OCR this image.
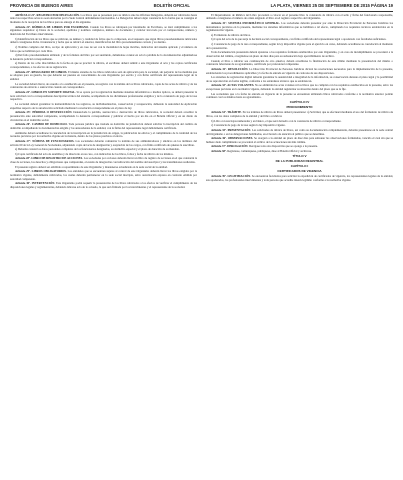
PROVINCIA DE BUENOS AIRES	BOLETÍN OFICIAL	LA PLATA, VIERNES 25 DE SEPTIEMBRE DE 2015 PÁGINA 19

ARTÍCULO 21º. REGISTRO POR DELEGACIÓN. Los libros que se presenten para su rúbrica ante las Oficinas Delegadas, deberán ser rubricados hasta tanto las respectivas actas no sean devueltas por la Sede Central debidamente intervenidas. La Delegación deberá dejar constancia de la forma que se consigna al momento de la recepción de los libros para su entrega al día siguiente.

Artículo 22º. RÚBRICA DE LIBROS POR ESCRIBANO. Cuando los libros se rubriquen por intermedio de Escribano, se dará cumplimiento a los siguientes requisitos: a) Datos de la sociedad, apellidos y nombres completos, número de documento y carácter invocado por el compareciente, número y matrícula del Escribano interviniente.

b) Identificación de los libros que se rubrican, su número y cantidad de folios que lo componen, en el supuesto que sigan libros precedentemente rubricados deberá consignarse dicha circunstancia y fecha que se rubricó el anterior, identificación del libro precedentemente cerrado y su destino.

c) Nombre completo del libro, su tipo de aplicación y en caso de ser con la modalidad de hojas móviles, indicación del sistema aplicado y el número de folios que se habilitan por cada libro.

d) Del folio precedentemente utilizado y de la foliatura del libro por ser sustituido, debiéndose constar en acta la pérdida de la documentación adjuntándose la denuncia policial correspondiente.

e) Dentro de los ocho días hábiles de la fecha en que se practicó la rúbrica, el escribano deberá remitir a este Organismo el acta y las copias certificadas correspondientes, a los efectos de su registración.

Artículo 23º. RESGUARDO DE LIBROS. El mismo sistema de los libros rubricados será de aplicación para la sociedad, sin perjuicio de las medidas que se adopten para su guarda, las que deberán ser puestas en conocimiento de este Organismo por escrito y con firma certificada del representante legal de la entidad.

La sociedad deberá llevar, de acuerdo a lo establecido en el presente, un registro con la nómina de los libros rubricados, copia de las actas de rúbrica y de las constancias de extravío o sustracción cuando así correspondiera.

Artículo 24º. LIBROS EN SOPORTE DIGITAL. Si se optara por la registración mediante sistemas informáticos o medios ópticos, se deberá presentar la nota solicitud con la correspondiente descripción técnica del sistema, acompañada de los dictámenes profesionales exigidos y de la constancia de pago de la tasa respectiva.

La sociedad deberá garantizar la inalterabilidad de los registros, su individualización, conservación y recuperación, debiendo la Autoridad de Aplicación expedirse respecto de la autorización solicitada mediante la resolución correspondiente en el plazo de ley.

Artículo 25º. PÉRDIDA O DESTRUCCIÓN. Denunciada la pérdida, sustracción o destrucción de libros rubricados, la sociedad deberá acreditar la presentación ante autoridad competente, acompañando la denuncia correspondiente y publicar el hecho por un día en el Boletín Oficial y en un diario de circulación en el domicilio social.

Artículo 26º. CAMBIO DE DOMICILIO. Toda persona jurídica que traslade su domicilio de jurisdicción deberá solicitar la inscripción del cambio de domicilio acompañando la documentación exigida y los antecedentes de la entidad, con la firma del representante legal debidamente certificada.

Asimismo deberá acreditarse la cancelación de la inscripción en la jurisdicción de origen, la publicación de edictos y el cumplimiento de la totalidad de los recaudos previstos por la normativa vigente en la materia, dentro de los plazos previstos al efecto.

Artículo 27º. NÓMINA DE FUNCIONARIOS. Las sociedades deberán comunicar la nómina de sus administradores y síndicos en los términos del artículo 60 de la Ley General de Sociedades, adjuntando copia del acta de designación y aceptación de los cargos, con firma certificada de quienes la suscriban.

a) Deberán constar los datos personales completos de los funcionarios designados, su domicilio especial y el plazo de duración de su mandato.

b) Copia certificada del acta de asamblea y de directorio en su caso, con indicación de los libros, folios y fecha de rúbrica de los mismos.

Artículo 28º. LIBRO DE REGISTRO DE ACCIONES. Las sociedades por acciones deberán llevar un libro de registro de acciones en el que constarán la clase de acciones, los derechos y obligaciones que comprendan, el estado de integración con indicación del nombre del suscriptor y las transmisiones realizadas.

El presente registro deberá ser exhibido a requerimiento de este Organismo y mantenerse actualizado en la sede social de la entidad.

Artículo 29º. LIBROS OBLIGATORIOS. Las entidades que se encuentren sujetas al control de este Organismo deberán llevar los libros exigidos por la normativa vigente, debidamente rubricados, los cuales deberán permanecer en la sede social inscripta, salvo autorización expresa en contrario emitida por autoridad competente.

Artículo 30º. INTERVENCIÓN. Este Organismo podrá requerir la presentación de los libros rubricados a los efectos de verificar el cumplimiento de las disposiciones legales y reglamentarias, debiendo labrarse acta de lo actuado, la que será firmada por los intervinientes y el representante de la sociedad.

El Departamento de Rúbrica del Libro procederá a colocar en el presente libro la constancia de rúbrica con el sello y firma del funcionario responsable, debiendo consignarse el número de orden asignado al libro en el registro respectivo del Organismo.

Artículo 31º. SISTEMA INFORMÁTICO GENERAL. Las sociedades deberán presentar por ante la Dirección Provincial de Personas Jurídicas los instrumentos previstos en la presente, mediante los sistemas informáticos que se habiliten a tal efecto, cumpliendo los requisitos técnicos establecidos en la reglamentación vigente.

a) Formulario de rúbrica de libros.

b) Copia del acta de la que surja la decisión social correspondiente, con firma certificada del representante legal o apoderado con facultades suficientes.

c) Constancia de pago de la tasa correspondiente, según la ley impositiva vigente para el ejercicio en curso, debiendo acreditarse su cancelación al momento de la presentación.

Toda documentación presentada deberá ajustarse a los requisitos formales establecidos por este Organismo, y en caso de incumplimiento se procederá a la observación del trámite, otorgándose un plazo de diez días para su subsanación bajo apercibimiento de archivo.

Cuando el libro a rubricar sea continuación de otro anterior, deberá acreditarse la finalización de este último mediante la presentación del mismo o constancia fehaciente de su agotamiento, certificada por profesional competente.

Artículo 32º. RESOLUCIÓN. La Dirección Provincial de Personas Jurídicas dictará las resoluciones necesarias para la implementación de la presente, estableciendo los procedimientos aplicables y la fecha de entrada en vigencia de cada una de sus disposiciones.

Los sistemas de registración digital deberán garantizar la autenticidad e integridad de la información, su conservación durante el plazo legal y la posibilidad de su reproducción en forma legible, conforme a los estándares técnicos que se establezcan.

Artículo 33º. ACTAS VOLANTES. No se admitirán las actas volantes ni los libros que no cumplan con los requisitos establecidos en la presente, salvo las excepciones previstas en la normativa vigente, debiendo la entidad regularizar su situación dentro del plazo que se le fije.

Las sociedades que a la fecha de entrada en vigencia de la presente se encuentren utilizando libros rubricados conforme a la normativa anterior podrán continuar con los mismos hasta su agotamiento.

CAPÍTULO IV
PROCEDIMIENTO

Artículo 34º. TRÁMITE. En los trámites de rúbrica de libros deberá presentarse: a) Solicitud, que se efectuará mediante el uso del formulario de rúbrica de libros, con los datos completos de la entidad y del libro a rubricar.

b) Libro con sus hojas numeradas y en blanco, el que será devuelto con la constancia de rúbrica correspondiente.

c) Constancia de pago de la tasa según la ley impositiva vigente.

Artículo 35º. PRESENTACIÓN. Las solicitudes de rúbrica de libros, así como su documentación complementaria, deberán presentarse en la sede central del Organismo o en las delegaciones habilitadas, en el horario de atención al público que se determine.

Artículo 36º. OBSERVACIONES. Se otorgará a la entidad un plazo de diez días para subsanar las observaciones formuladas, vencido el cual sin que se hubiere dado cumplimiento se procederá al archivo de las actuaciones sin más trámite.

Artículo 37º. DEROGACIÓN. Derógase toda otra disposición que se oponga a la presente.

Artículo 38º. Regístrese, comuníquese, publíquese, dése al Boletín Oficial y archívese.

TÍTULO V
DE LA PUBLICIDAD REGISTRAL
CAPÍTULO I
CERTIFICADOS DE VIGENCIA

Artículo 39º. LEGITIMACIÓN. Se encuentran facultados para solicitar la expedición de certificados de vigencia, los representantes legales de la entidad, sus apoderados, los profesionales intervinientes y toda persona que acredite interés legítimo conforme a la normativa vigente.
